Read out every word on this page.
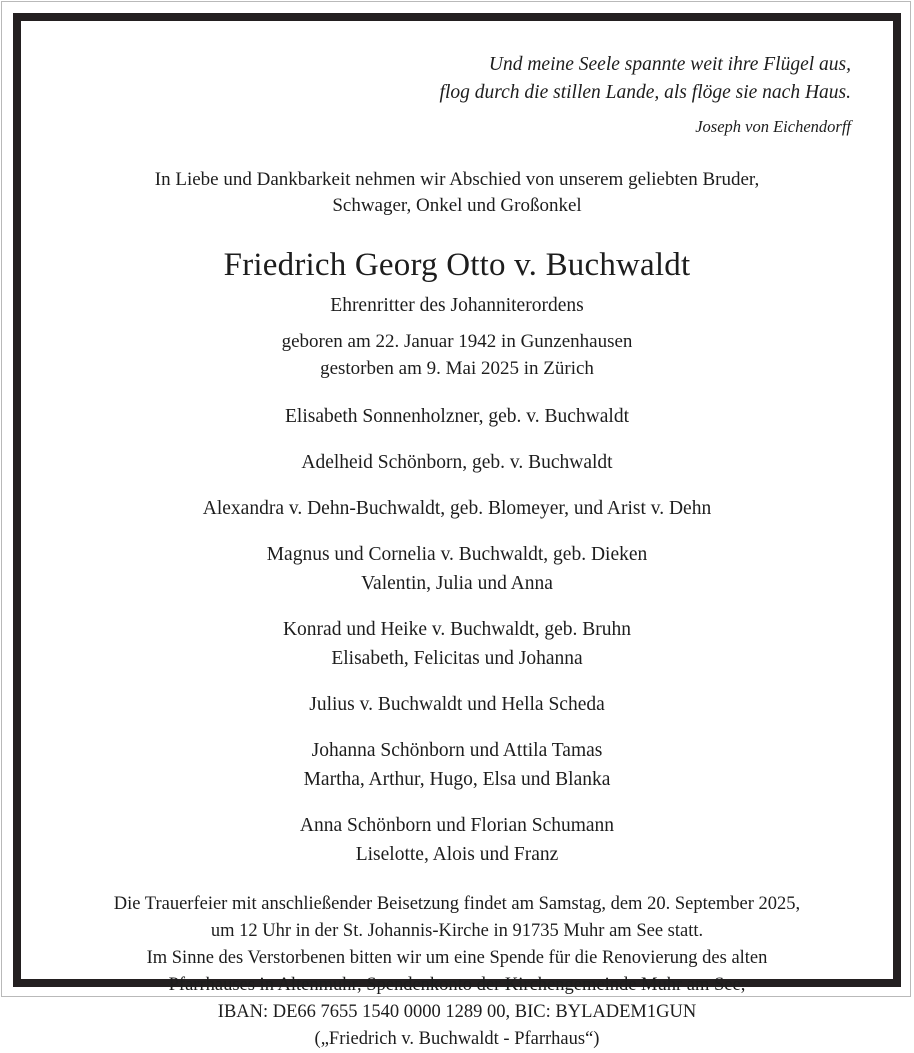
Und meine Seele spannte weit ihre Flügel aus,
flog durch die stillen Lande, als flöge sie nach Haus.
Joseph von Eichendorff
In Liebe und Dankbarkeit nehmen wir Abschied von unserem geliebten Bruder,
Schwager, Onkel und Großonkel
Friedrich Georg Otto v. Buchwaldt
Ehrenritter des Johanniterordens
geboren am 22. Januar 1942 in Gunzenhausen
gestorben am 9. Mai 2025 in Zürich
Elisabeth Sonnenholzner, geb. v. Buchwaldt
Adelheid Schönborn, geb. v. Buchwaldt
Alexandra v. Dehn-Buchwaldt, geb. Blomeyer, und Arist v. Dehn
Magnus und Cornelia v. Buchwaldt, geb. Dieken
Valentin, Julia und Anna
Konrad und Heike v. Buchwaldt, geb. Bruhn
Elisabeth, Felicitas und Johanna
Julius v. Buchwaldt und Hella Scheda
Johanna Schönborn und Attila Tamas
Martha, Arthur, Hugo, Elsa und Blanka
Anna Schönborn und Florian Schumann
Liselotte, Alois und Franz
Die Trauerfeier mit anschließender Beisetzung findet am Samstag, dem 20. September 2025,
um 12 Uhr in der St. Johannis-Kirche in 91735 Muhr am See statt.
Im Sinne des Verstorbenen bitten wir um eine Spende für die Renovierung des alten
Pfarrhauses in Altenmuhr, Spendenkonto der Kirchengemeinde Muhr am See,
IBAN: DE66 7655 1540 0000 1289 00, BIC: BYLADEM1GUN
(„Friedrich v. Buchwaldt - Pfarrhaus“)
